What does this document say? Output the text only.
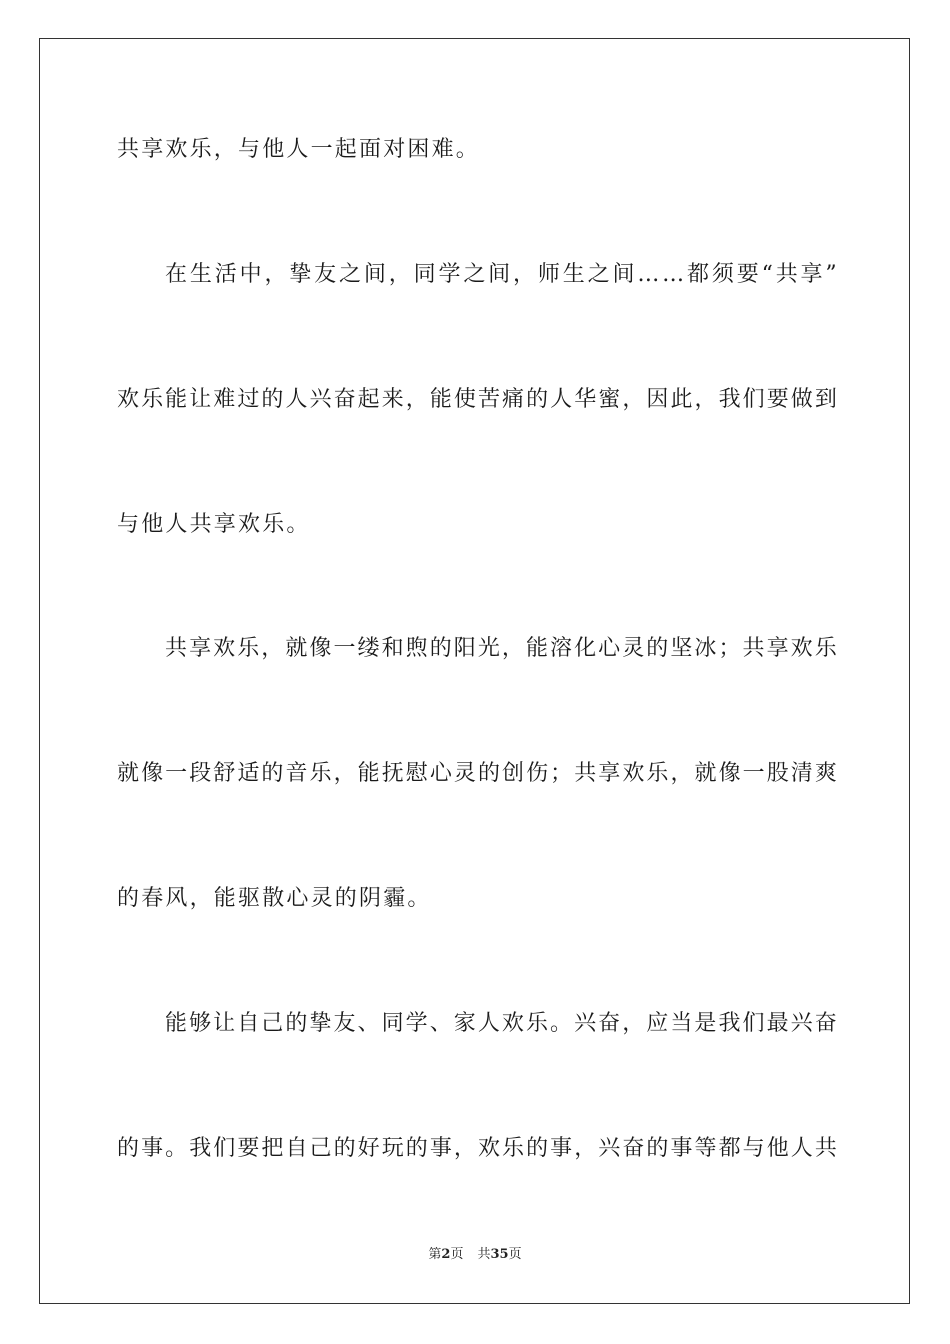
共享欢乐，与他人一起面对困难。
在 生 活 中 ， 挚 友 之 间 ， 同 学 之 间 ， 师 生 之 间 … … 都 须 要 “ 共 享 ”
欢 乐 能 让 难 过 的 人 兴 奋 起 来 ， 能 使 苦 痛 的 人 华 蜜 ， 因 此 ， 我 们 要 做 到
与他人共享欢乐。
共 享 欢 乐 ， 就 像 一 缕 和 煦 的 阳 光 ， 能 溶 化 心 灵 的 坚 冰 ； 共 享 欢 乐
就 像 一 段 舒 适 的 音 乐 ， 能 抚 慰 心 灵 的 创 伤 ； 共 享 欢 乐 ， 就 像 一 股 清 爽
的春风，能驱散心灵的阴霾。
能 够 让 自 己 的 挚 友 、 同 学 、 家 人 欢 乐 。 兴 奋 ， 应 当 是 我 们 最 兴 奋
的 事 。 我 们 要 把 自 己 的 好 玩 的 事 ， 欢 乐 的 事 ， 兴 奋 的 事 等 都 与 他 人 共
第2页 共35页
